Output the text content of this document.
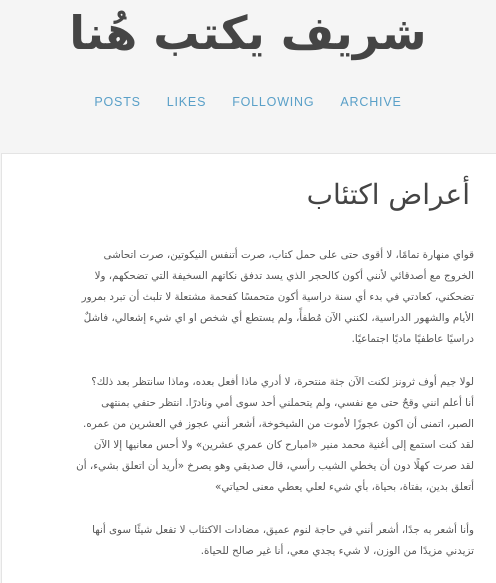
شريف يكتب هُنا
POSTS LIKES FOLLOWING ARCHIVE
أعراض اكتئاب

قواي منهارة تمامًا، لا أقوى حتى على حمل كتاب، صرت أتنفس النيكوتين، صرت اتحاشى
الخروج مع أصدقائي لأنني أكون كالحجر الذي يسد تدفق نكاتهم السخيفة التي تضحكهم، ولا
تضحكني، كعادتي في بدء أي سنة دراسية أكون متحمسًا كفحمة مشتعلة لا تلبث أن تبرد بمرور
الأيام والشهور الدراسية، لكنني الآن مُطفأً، ولم يستطع أي شخص او اي شيء إشعالي، فاشلٌ
دراسيًا عاطفيًا ماديًا اجتماعيًا.

لولا جيم أوف ثرونز لكنت الآن جثة منتحرة، لا أدري ماذا أفعل بعده، وماذا سانتظر بعد ذلك؟
أنا أعلم انني وقحٌ حتى مع نفسي، ولم يتحملني أحد سوى أمي ونادرًا. انتظر حتفي بمنتهى
الصبر، اتمنى أن اكون عجوزًا لأموت من الشيخوخة، أشعر أنني عجوز في العشرين من عمره.
لقد كنت استمع إلى أغنية محمد منير «امبارح كان عمري عشرين» ولا أحس معانيها إلا الآن
لقد صرت كهلًا دون أن يخطي الشيب رأسي، قال صديقي وهو يصرخ «أريد أن اتعلق بشيء، أن
أتعلق بدين، بفتاة، بحياة، بأي شيء لعلي يعطي معنى لحياتي»

وأنا أشعر به جدًا، أشعر أنني في حاجة لنوم عميق، مضادات الاكتئاب لا تفعل شيئًا سوى أنها
تزيدني مزيدًا من الوزن، لا شيء يجدي معي، أنا غير صالح للحياة.
